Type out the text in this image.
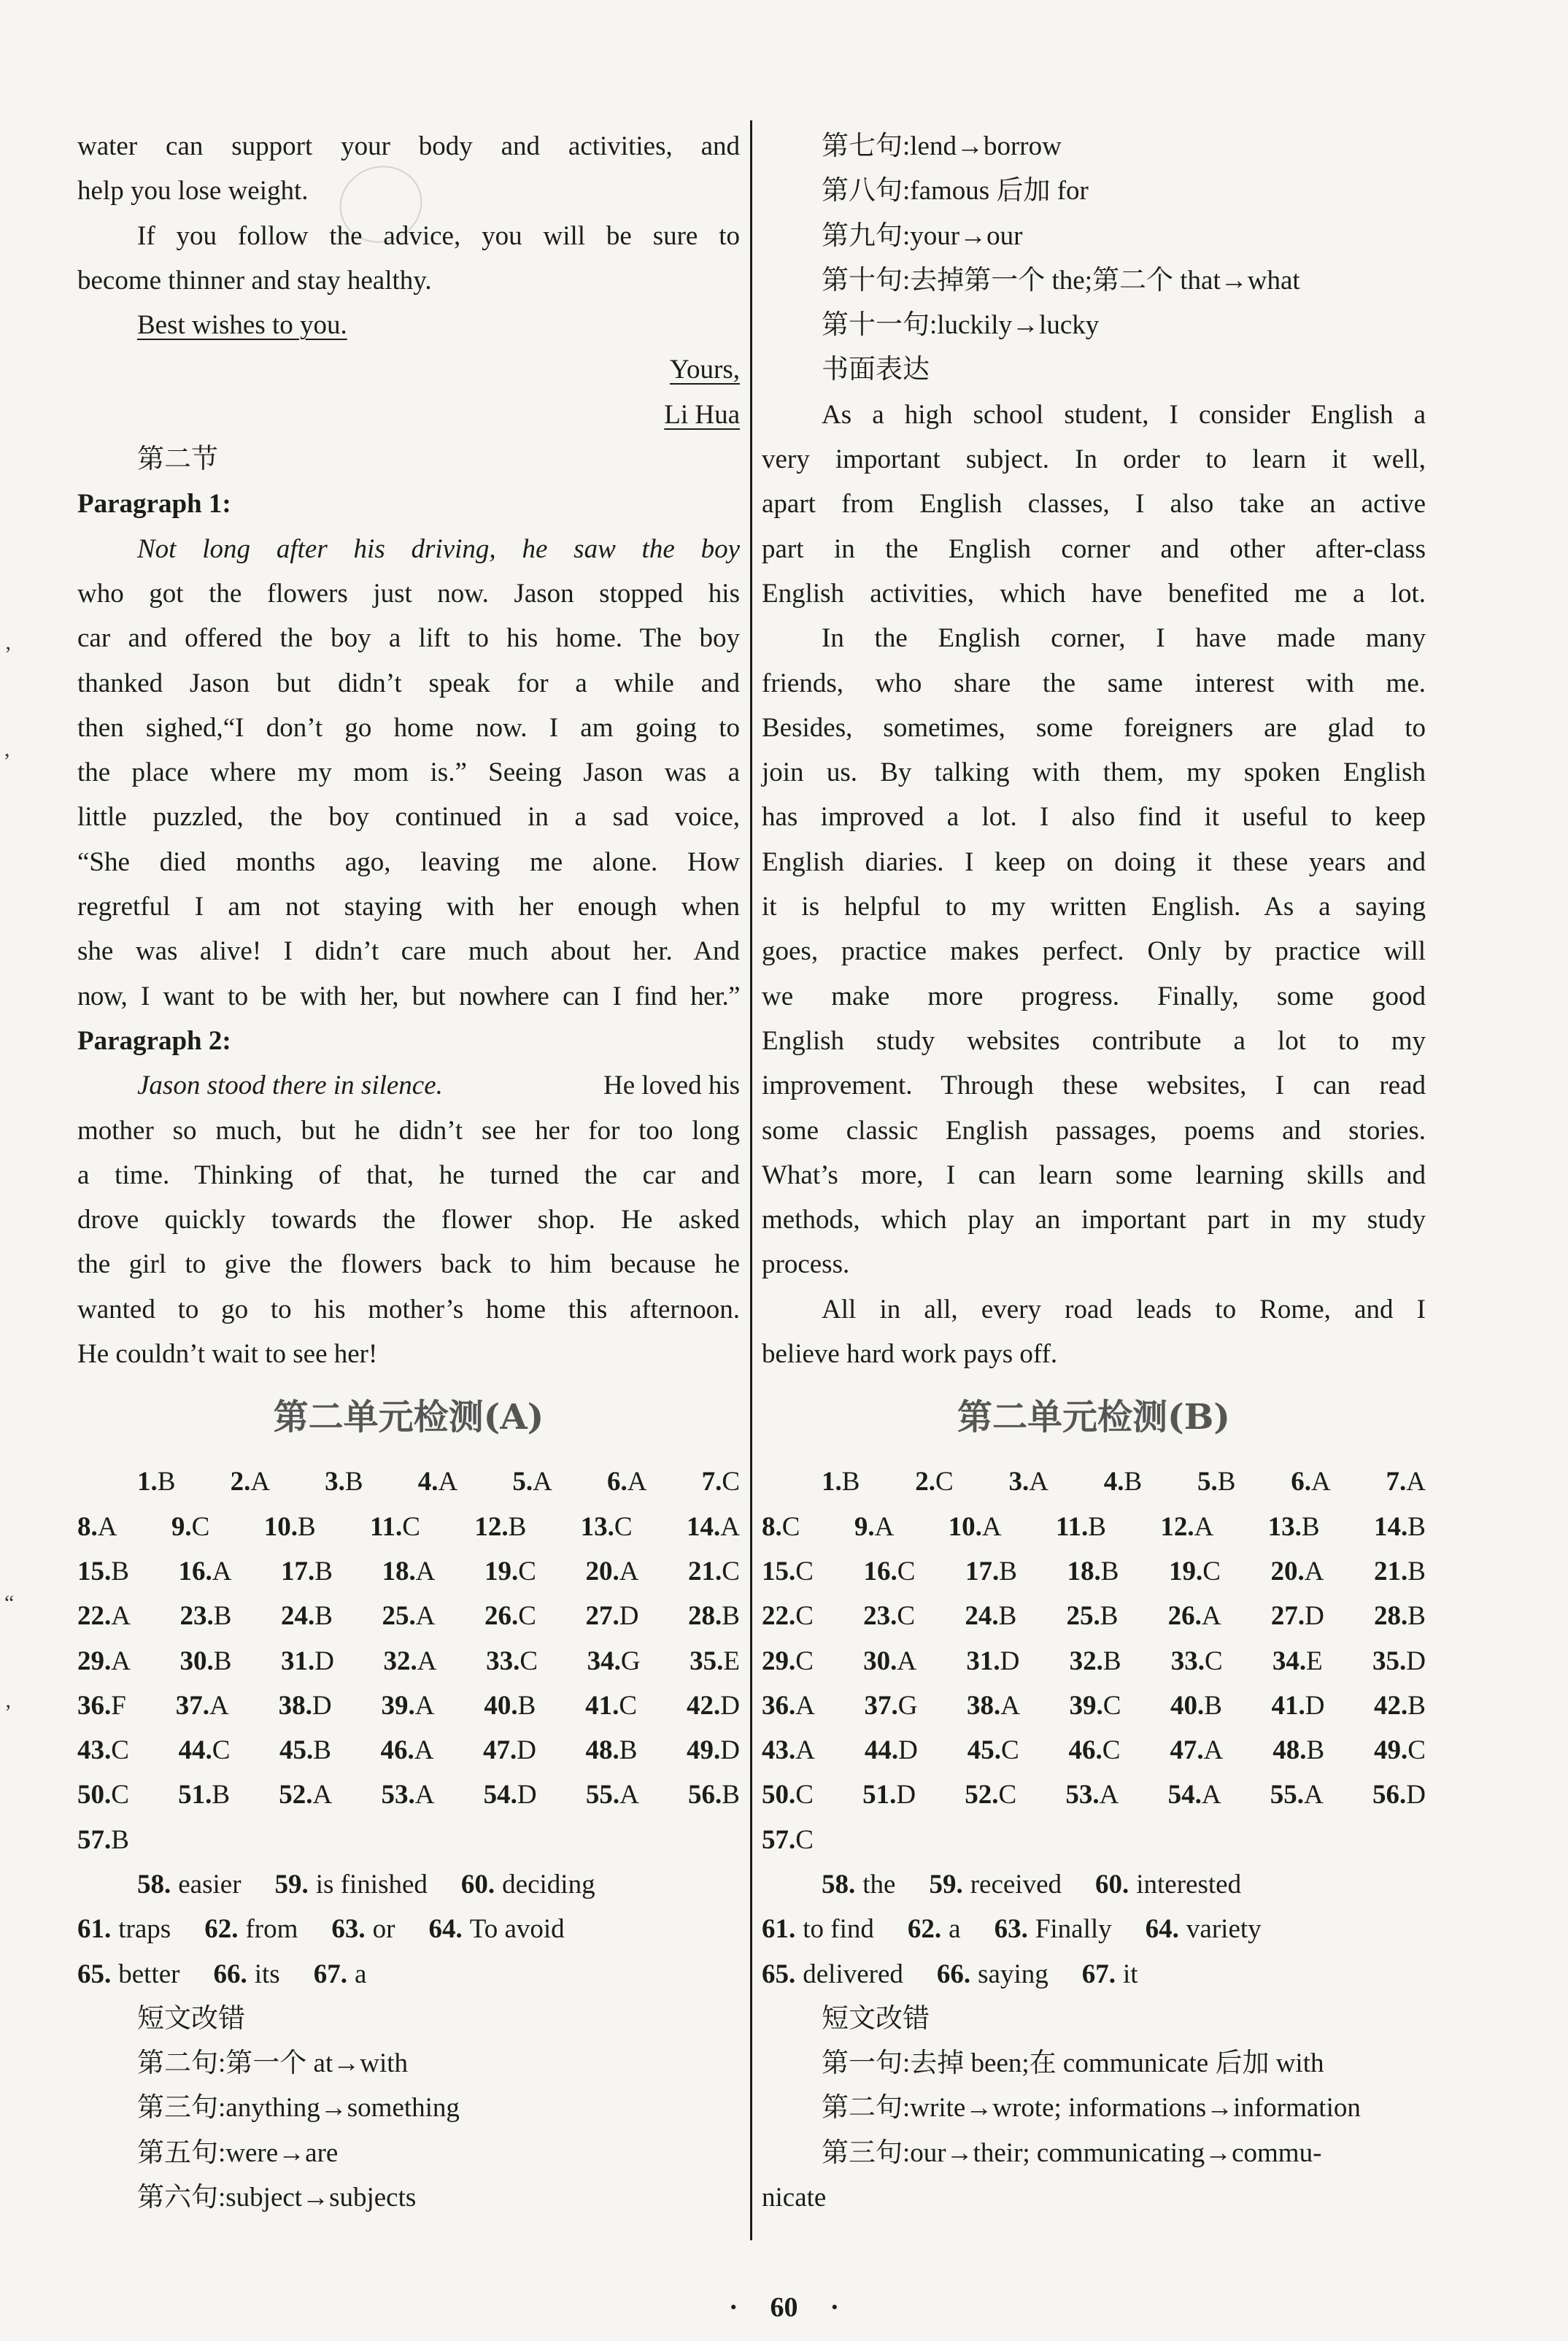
’
,
“
’
water can support your body and activities, and
help you lose weight.
If you follow the advice, you will be sure to
become thinner and stay healthy.
Best wishes to you.
Yours,
Li Hua
第二节
Paragraph 1:
Not long after his driving, he saw the boy
who got the flowers just now. Jason stopped his
car and offered the boy a lift to his home. The boy
thanked Jason but didn’t speak for a while and
then sighed,“I don’t go home now. I am going to
the place where my mom is.” Seeing Jason was a
little puzzled, the boy continued in a sad voice,
“She died months ago, leaving me alone. How
regretful I am not staying with her enough when
she was alive! I didn’t care much about her. And
now, I want to be with her, but nowhere can I find her.”
Paragraph 2:
Jason stood there in silence.	He loved his
mother so much, but he didn’t see her for too long
a time. Thinking of that, he turned the car and
drove quickly towards the flower shop. He asked
the girl to give the flowers back to him because he
wanted to go to his mother’s home this afternoon.
He couldn’t wait to see her!
第二单元检测(A)
1.B 2.A 3.B 4.A 5.A 6.A 7.C
8.A 9.C 10.B 11.C 12.B 13.C 14.A
15.B 16.A 17.B 18.A 19.C 20.A 21.C
22.A 23.B 24.B 25.A 26.C 27.D 28.B
29.A 30.B 31.D 32.A 33.C 34.G 35.E
36.F 37.A 38.D 39.A 40.B 41.C 42.D
43.C 44.C 45.B 46.A 47.D 48.B 49.D
50.C 51.B 52.A 53.A 54.D 55.A 56.B
57.B
58. easier 59. is finished 60. deciding
61. traps 62. from 63. or 64. To avoid
65. better 66. its 67. a
短文改错
第二句:第一个 at→with
第三句:anything→something
第五句:were→are
第六句:subject→subjects
第七句:lend→borrow
第八句:famous 后加 for
第九句:your→our
第十句:去掉第一个 the;第二个 that→what
第十一句:luckily→lucky
书面表达
As a high school student, I consider English a
very important subject. In order to learn it well,
apart from English classes, I also take an active
part in the English corner and other after-class
English activities, which have benefited me a lot.
In the English corner, I have made many
friends, who share the same interest with me.
Besides, sometimes, some foreigners are glad to
join us. By talking with them, my spoken English
has improved a lot. I also find it useful to keep
English diaries. I keep on doing it these years and
it is helpful to my written English. As a saying
goes, practice makes perfect. Only by practice will
we make more progress. Finally, some good
English study websites contribute a lot to my
improvement. Through these websites, I can read
some classic English passages, poems and stories.
What’s more, I can learn some learning skills and
methods, which play an important part in my study
process.
All in all, every road leads to Rome, and I
believe hard work pays off.
第二单元检测(B)
1.B 2.C 3.A 4.B 5.B 6.A 7.A
8.C 9.A 10.A 11.B 12.A 13.B 14.B
15.C 16.C 17.B 18.B 19.C 20.A 21.B
22.C 23.C 24.B 25.B 26.A 27.D 28.B
29.C 30.A 31.D 32.B 33.C 34.E 35.D
36.A 37.G 38.A 39.C 40.B 41.D 42.B
43.A 44.D 45.C 46.C 47.A 48.B 49.C
50.C 51.D 52.C 53.A 54.A 55.A 56.D
57.C
58. the 59. received 60. interested
61. to find 62. a 63. Finally 64. variety
65. delivered 66. saying 67. it
短文改错
第一句:去掉 been;在 communicate 后加 with
第二句:write→wrote; informations→information
第三句:our→their; communicating→commu-
nicate
· 60 ·
